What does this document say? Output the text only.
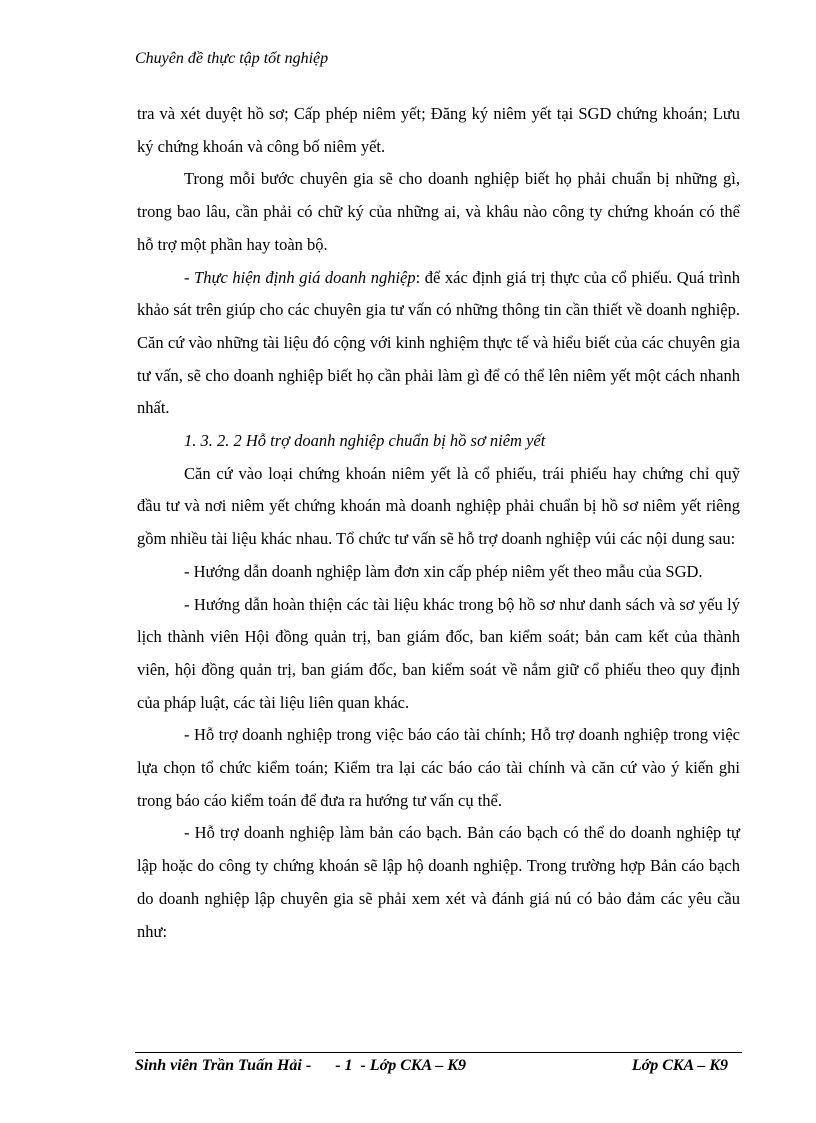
Chuyên đề thực tập tốt nghiệp

tra và xét duyệt hồ sơ; Cấp phép niêm yết; Đăng ký niêm yết tại SGD chứng khoán; Lưu ký chứng khoán và công bố niêm yết.

Trong mỗi bước chuyên gia sẽ cho doanh nghiệp biết họ phải chuẩn bị những gì, trong bao lâu, cần phải có chữ ký của những ai, và khâu nào công ty chứng khoán có thể hỗ trợ một phần hay toàn bộ.

- Thực hiện định giá doanh nghiệp: để xác định giá trị thực của cổ phiếu. Quá trình khảo sát trên giúp cho các chuyên gia tư vấn có những thông tin cần thiết về doanh nghiệp. Căn cứ vào những tài liệu đó cộng với kinh nghiệm thực tế và hiểu biết của các chuyên gia tư vấn, sẽ cho doanh nghiệp biết họ cần phải làm gì để có thể lên niêm yết một cách nhanh nhất.

1. 3. 2. 2 Hỗ trợ doanh nghiệp chuẩn bị hồ sơ niêm yết

Căn cứ vào loại chứng khoán niêm yết là cổ phiếu, trái phiếu hay chứng chỉ quỹ đầu tư và nơi niêm yết chứng khoán mà doanh nghiệp phải chuẩn bị hồ sơ niêm yết riêng gồm nhiều tài liệu khác nhau. Tổ chức tư vấn sẽ hỗ trợ doanh nghiệp vúi các nội dung sau:

- Hướng dẫn doanh nghiệp làm đơn xin cấp phép niêm yết theo mẫu của SGD.

- Hướng dẫn hoàn thiện các tài liệu khác trong bộ hồ sơ như danh sách và sơ yếu lý lịch thành viên Hội đồng quản trị, ban giám đốc, ban kiểm soát; bản cam kết của thành viên, hội đồng quản trị, ban giám đốc, ban kiểm soát về nắm giữ cổ phiếu theo quy định của pháp luật, các tài liệu liên quan khác.

- Hỗ trợ doanh nghiệp trong việc báo cáo tài chính; Hỗ trợ doanh nghiệp trong việc lựa chọn tổ chức kiểm toán; Kiểm tra lại các báo cáo tài chính và căn cứ vào ý kiến ghi trong báo cáo kiểm toán để đưa ra hướng tư vấn cụ thể.

- Hỗ trợ doanh nghiệp làm bản cáo bạch. Bản cáo bạch có thể do doanh nghiệp tự lập hoặc do công ty chứng khoán sẽ lập hộ doanh nghiệp. Trong trường hợp Bản cáo bạch do doanh nghiệp lập chuyên gia sẽ phải xem xét và đánh giá nú có bảo đảm các yêu cầu như:

Sinh viên Trần Tuấn Hải -      - 1  - Lớp CKA – K9	Lớp CKA – K9
